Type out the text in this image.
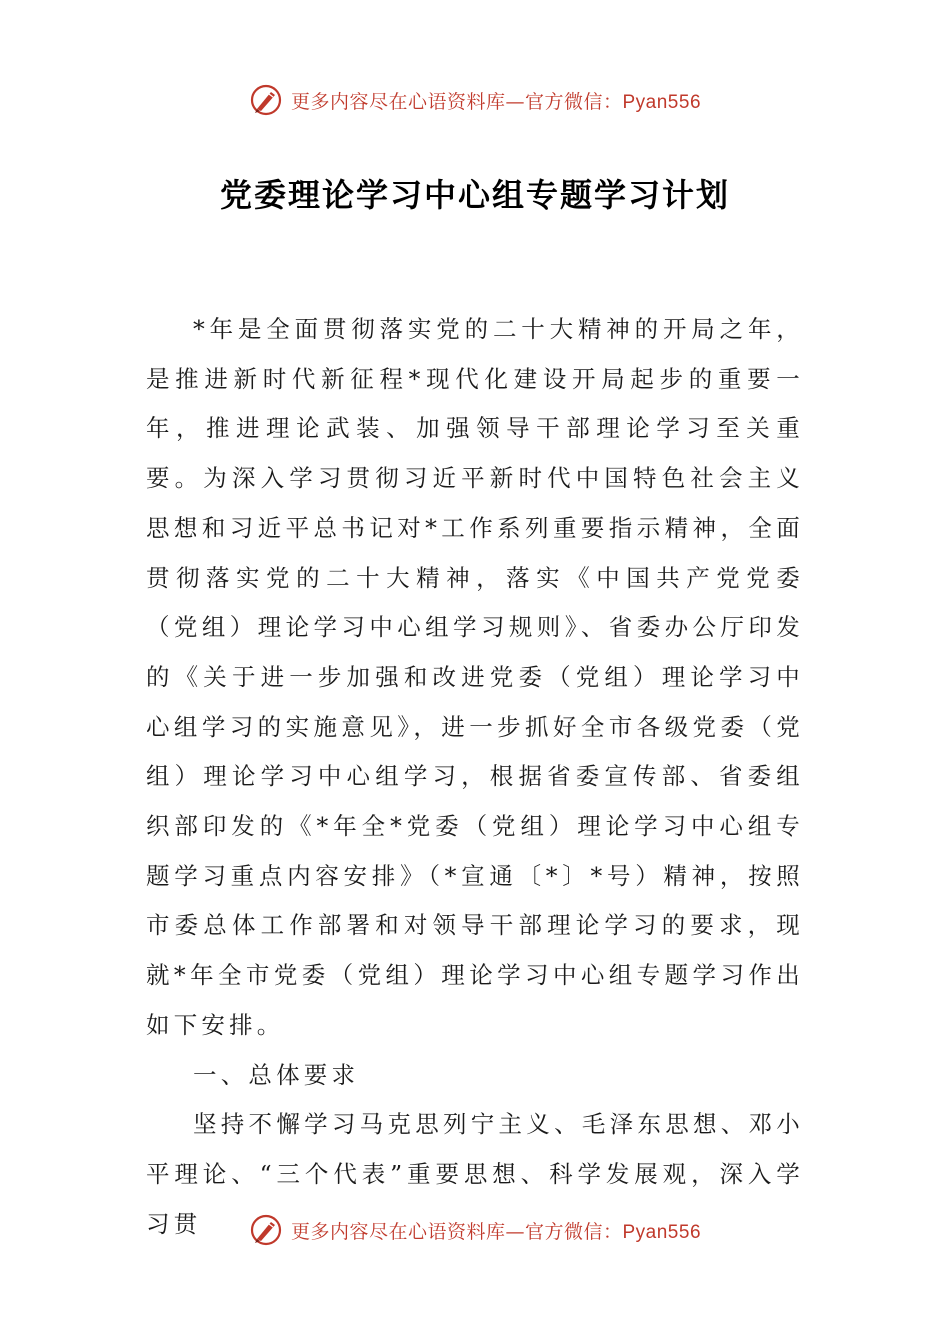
更多内容尽在心语资料库—官方微信：Pyan556
党委理论学习中心组专题学习计划

*年是全面贯彻落实党的二十大精神的开局之年，是推进新时代新征程*现代化建设开局起步的重要一年，推进理论武装、加强领导干部理论学习至关重要。为深入学习贯彻习近平新时代中国特色社会主义思想和习近平总书记对*工作系列重要指示精神，全面贯彻落实党的二十大精神，落实《中国共产党党委（党组）理论学习中心组学习规则》、省委办公厅印发的《关于进一步加强和改进党委（党组）理论学习中心组学习的实施意见》，进一步抓好全市各级党委（党组）理论学习中心组学习，根据省委宣传部、省委组织部印发的《*年全*党委（党组）理论学习中心组专题学习重点内容安排》（*宣通〔*〕*号）精神，按照市委总体工作部署和对领导干部理论学习的要求，现就*年全市党委（党组）理论学习中心组专题学习作出如下安排。

一、总体要求

坚持不懈学习马克思列宁主义、毛泽东思想、邓小平理论、“三个代表”重要思想、科学发展观，深入学习贯	更多内容尽在心语资料库—官方微信：Pyan556
